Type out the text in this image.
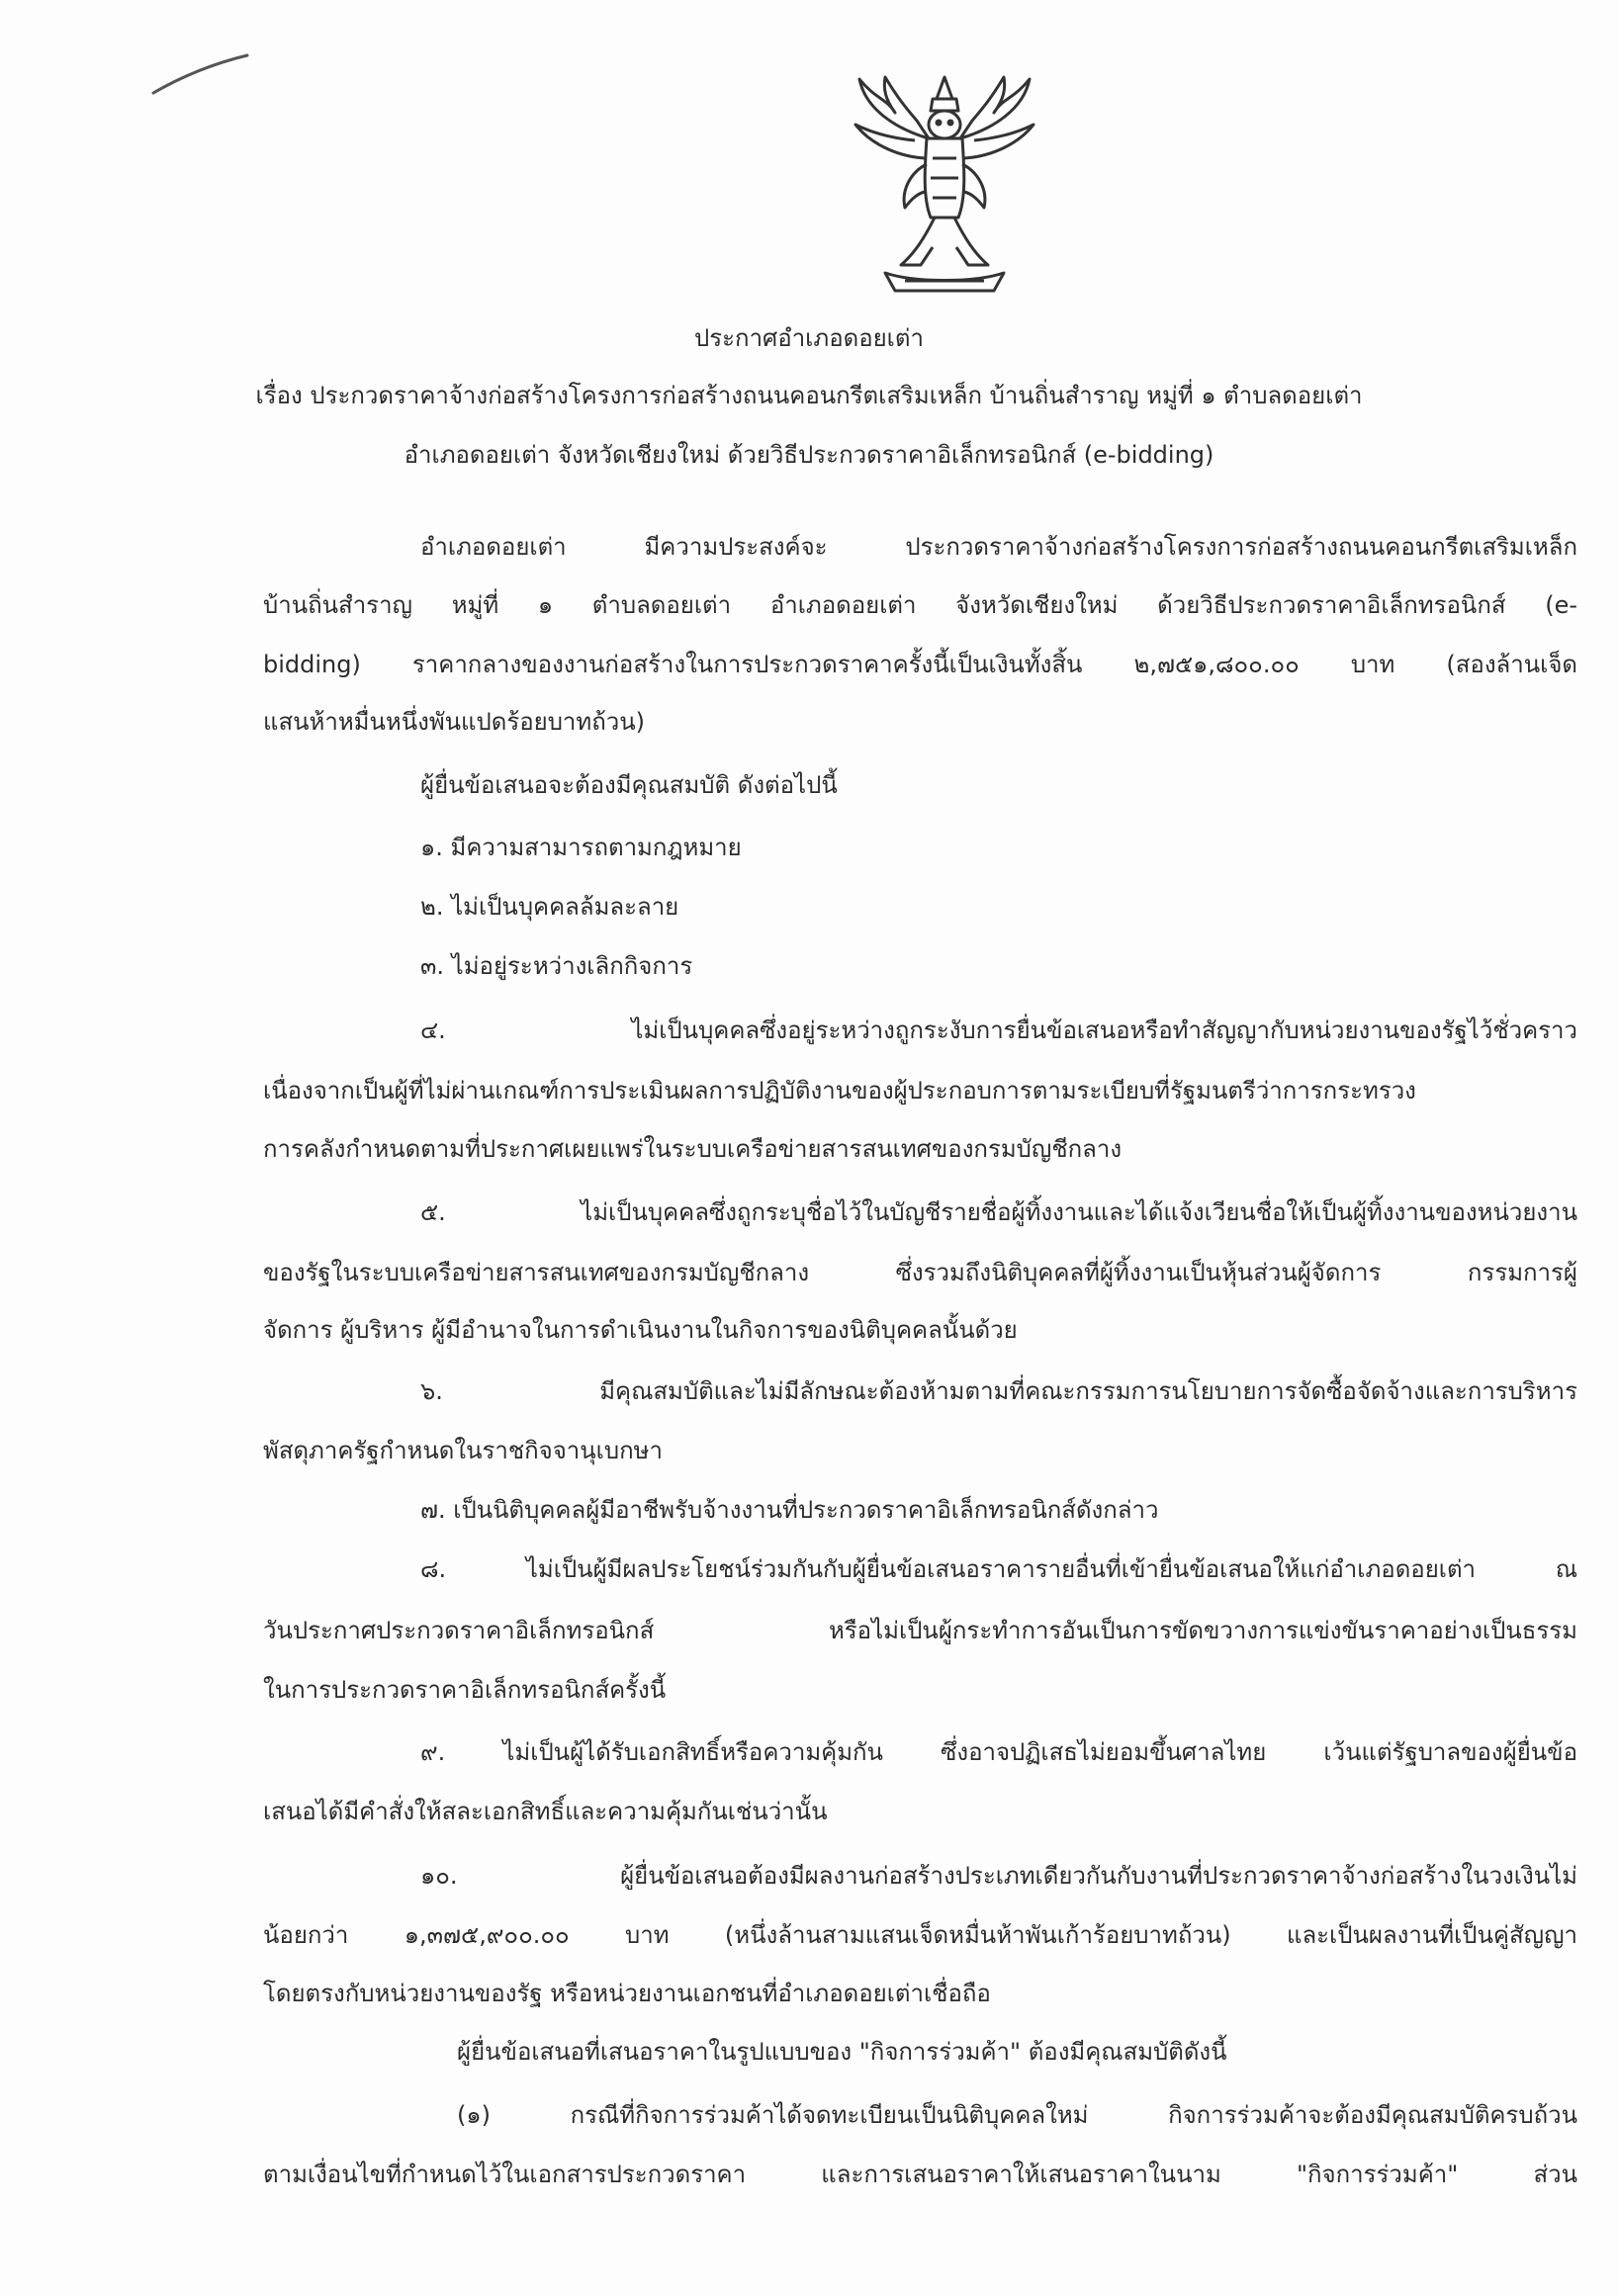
ประกาศอำเภอดอยเต่า
เรื่อง ประกวดราคาจ้างก่อสร้างโครงการก่อสร้างถนนคอนกรีตเสริมเหล็ก บ้านถิ่นสำราญ หมู่ที่ ๑ ตำบลดอยเต่า
อำเภอดอยเต่า จังหวัดเชียงใหม่ ด้วยวิธีประกวดราคาอิเล็กทรอนิกส์ (e-bidding)
อำเภอดอยเต่า มีความประสงค์จะ ประกวดราคาจ้างก่อสร้างโครงการก่อสร้างถนนคอนกรีตเสริมเหล็ก
บ้านถิ่นสำราญ หมู่ที่ ๑ ตำบลดอยเต่า อำเภอดอยเต่า จังหวัดเชียงใหม่ ด้วยวิธีประกวดราคาอิเล็กทรอนิกส์ (e-
bidding) ราคากลางของงานก่อสร้างในการประกวดราคาครั้งนี้เป็นเงินทั้งสิ้น ๒,๗๕๑,๘๐๐.๐๐ บาท (สองล้านเจ็ด
แสนห้าหมื่นหนึ่งพันแปดร้อยบาทถ้วน)
ผู้ยื่นข้อเสนอจะต้องมีคุณสมบัติ ดังต่อไปนี้
๑. มีความสามารถตามกฎหมาย
๒. ไม่เป็นบุคคลล้มละลาย
๓. ไม่อยู่ระหว่างเลิกกิจการ
๔. ไม่เป็นบุคคลซึ่งอยู่ระหว่างถูกระงับการยื่นข้อเสนอหรือทำสัญญากับหน่วยงานของรัฐไว้ชั่วคราว
เนื่องจากเป็นผู้ที่ไม่ผ่านเกณฑ์การประเมินผลการปฏิบัติงานของผู้ประกอบการตามระเบียบที่รัฐมนตรีว่าการกระทรวง
การคลังกำหนดตามที่ประกาศเผยแพร่ในระบบเครือข่ายสารสนเทศของกรมบัญชีกลาง
๕. ไม่เป็นบุคคลซึ่งถูกระบุชื่อไว้ในบัญชีรายชื่อผู้ทิ้งงานและได้แจ้งเวียนชื่อให้เป็นผู้ทิ้งงานของหน่วยงาน
ของรัฐในระบบเครือข่ายสารสนเทศของกรมบัญชีกลาง ซึ่งรวมถึงนิติบุคคลที่ผู้ทิ้งงานเป็นหุ้นส่วนผู้จัดการ กรรมการผู้
จัดการ ผู้บริหาร ผู้มีอำนาจในการดำเนินงานในกิจการของนิติบุคคลนั้นด้วย
๖. มีคุณสมบัติและไม่มีลักษณะต้องห้ามตามที่คณะกรรมการนโยบายการจัดซื้อจัดจ้างและการบริหาร
พัสดุภาครัฐกำหนดในราชกิจจานุเบกษา
๗. เป็นนิติบุคคลผู้มีอาชีพรับจ้างงานที่ประกวดราคาอิเล็กทรอนิกส์ดังกล่าว
๘. ไม่เป็นผู้มีผลประโยชน์ร่วมกันกับผู้ยื่นข้อเสนอราคารายอื่นที่เข้ายื่นข้อเสนอให้แก่อำเภอดอยเต่า ณ
วันประกาศประกวดราคาอิเล็กทรอนิกส์ หรือไม่เป็นผู้กระทำการอันเป็นการขัดขวางการแข่งขันราคาอย่างเป็นธรรม
ในการประกวดราคาอิเล็กทรอนิกส์ครั้งนี้
๙. ไม่เป็นผู้ได้รับเอกสิทธิ์หรือความคุ้มกัน ซึ่งอาจปฏิเสธไม่ยอมขึ้นศาลไทย เว้นแต่รัฐบาลของผู้ยื่นข้อ
เสนอได้มีคำสั่งให้สละเอกสิทธิ์และความคุ้มกันเช่นว่านั้น
๑๐. ผู้ยื่นข้อเสนอต้องมีผลงานก่อสร้างประเภทเดียวกันกับงานที่ประกวดราคาจ้างก่อสร้างในวงเงินไม่
น้อยกว่า ๑,๓๗๕,๙๐๐.๐๐ บาท (หนึ่งล้านสามแสนเจ็ดหมื่นห้าพันเก้าร้อยบาทถ้วน) และเป็นผลงานที่เป็นคู่สัญญา
โดยตรงกับหน่วยงานของรัฐ หรือหน่วยงานเอกชนที่อำเภอดอยเต่าเชื่อถือ
ผู้ยื่นข้อเสนอที่เสนอราคาในรูปแบบของ "กิจการร่วมค้า" ต้องมีคุณสมบัติดังนี้
(๑) กรณีที่กิจการร่วมค้าได้จดทะเบียนเป็นนิติบุคคลใหม่ กิจการร่วมค้าจะต้องมีคุณสมบัติครบถ้วน
ตามเงื่อนไขที่กำหนดไว้ในเอกสารประกวดราคา และการเสนอราคาให้เสนอราคาในนาม "กิจการร่วมค้า" ส่วน
